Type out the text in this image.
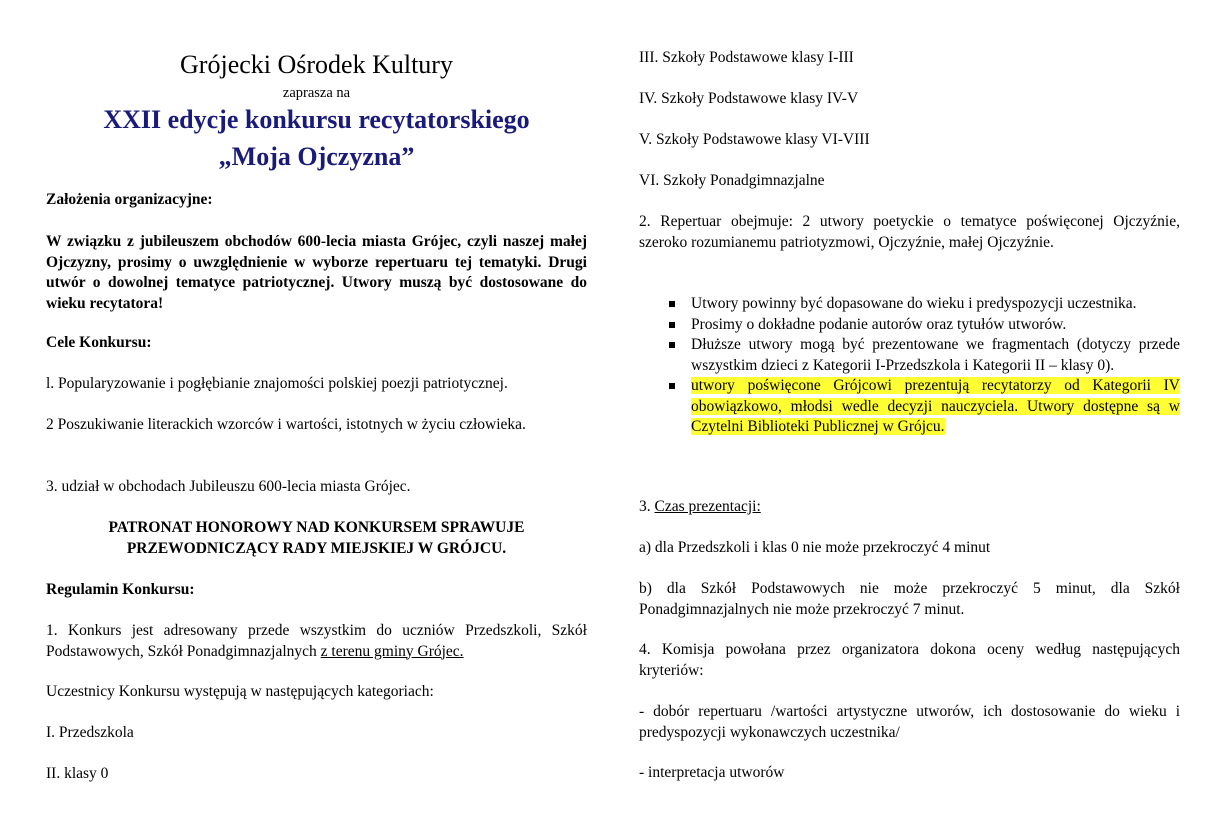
Grójecki Ośrodek Kultury
zaprasza na
XXII edycje konkursu recytatorskiego
„Moja Ojczyzna”
Założenia organizacyjne:
W związku z jubileuszem obchodów 600-lecia miasta Grójec, czyli naszej małej Ojczyzny, prosimy o uwzględnienie w wyborze repertuaru tej tematyki. Drugi utwór o dowolnej tematyce patriotycznej. Utwory muszą być dostosowane do wieku recytatora!
Cele Konkursu:
l. Popularyzowanie i pogłębianie znajomości polskiej poezji patriotycznej.
2 Poszukiwanie literackich wzorców i wartości, istotnych w życiu człowieka.
3. udział w obchodach Jubileuszu 600-lecia miasta Grójec.
PATRONAT HONOROWY NAD KONKURSEM SPRAWUJE PRZEWODNICZĄCY RADY MIEJSKIEJ W GRÓJCU.
Regulamin Konkursu:
1. Konkurs jest adresowany przede wszystkim do uczniów Przedszkoli, Szkół Podstawowych, Szkół Ponadgimnazjalnych z terenu gminy Grójec.
Uczestnicy Konkursu występują w następujących kategoriach:
I. Przedszkola
II. klasy 0
III. Szkoły Podstawowe klasy I-III
IV. Szkoły Podstawowe klasy IV-V
V. Szkoły Podstawowe klasy VI-VIII
VI. Szkoły Ponadgimnazjalne
2. Repertuar obejmuje: 2 utwory poetyckie o tematyce poświęconej Ojczyźnie, szeroko rozumianemu patriotyzmowi, Ojczyźnie, małej Ojczyźnie.
Utwory powinny być dopasowane do wieku i predyspozycji uczestnika.
Prosimy o dokładne podanie autorów oraz tytułów utworów.
Dłuższe utwory mogą być prezentowane we fragmentach (dotyczy przede wszystkim dzieci z Kategorii I-Przedszkola i Kategorii II – klasy 0).
utwory poświęcone Grójcowi prezentują recytatorzy od Kategorii IV obowiązkowo, młodsi wedle decyzji nauczyciela. Utwory dostępne są w Czytelni Biblioteki Publicznej w Grójcu.
3. Czas prezentacji:
a) dla Przedszkoli i klas 0 nie może przekroczyć 4 minut
b) dla Szkół Podstawowych nie może przekroczyć 5 minut, dla Szkół Ponadgimnazjalnych nie może przekroczyć 7 minut.
4. Komisja powołana przez organizatora dokona oceny według następujących kryteriów:
- dobór repertuaru /wartości artystyczne utworów, ich dostosowanie do wieku i predyspozycji wykonawczych uczestnika/
- interpretacja utworów
